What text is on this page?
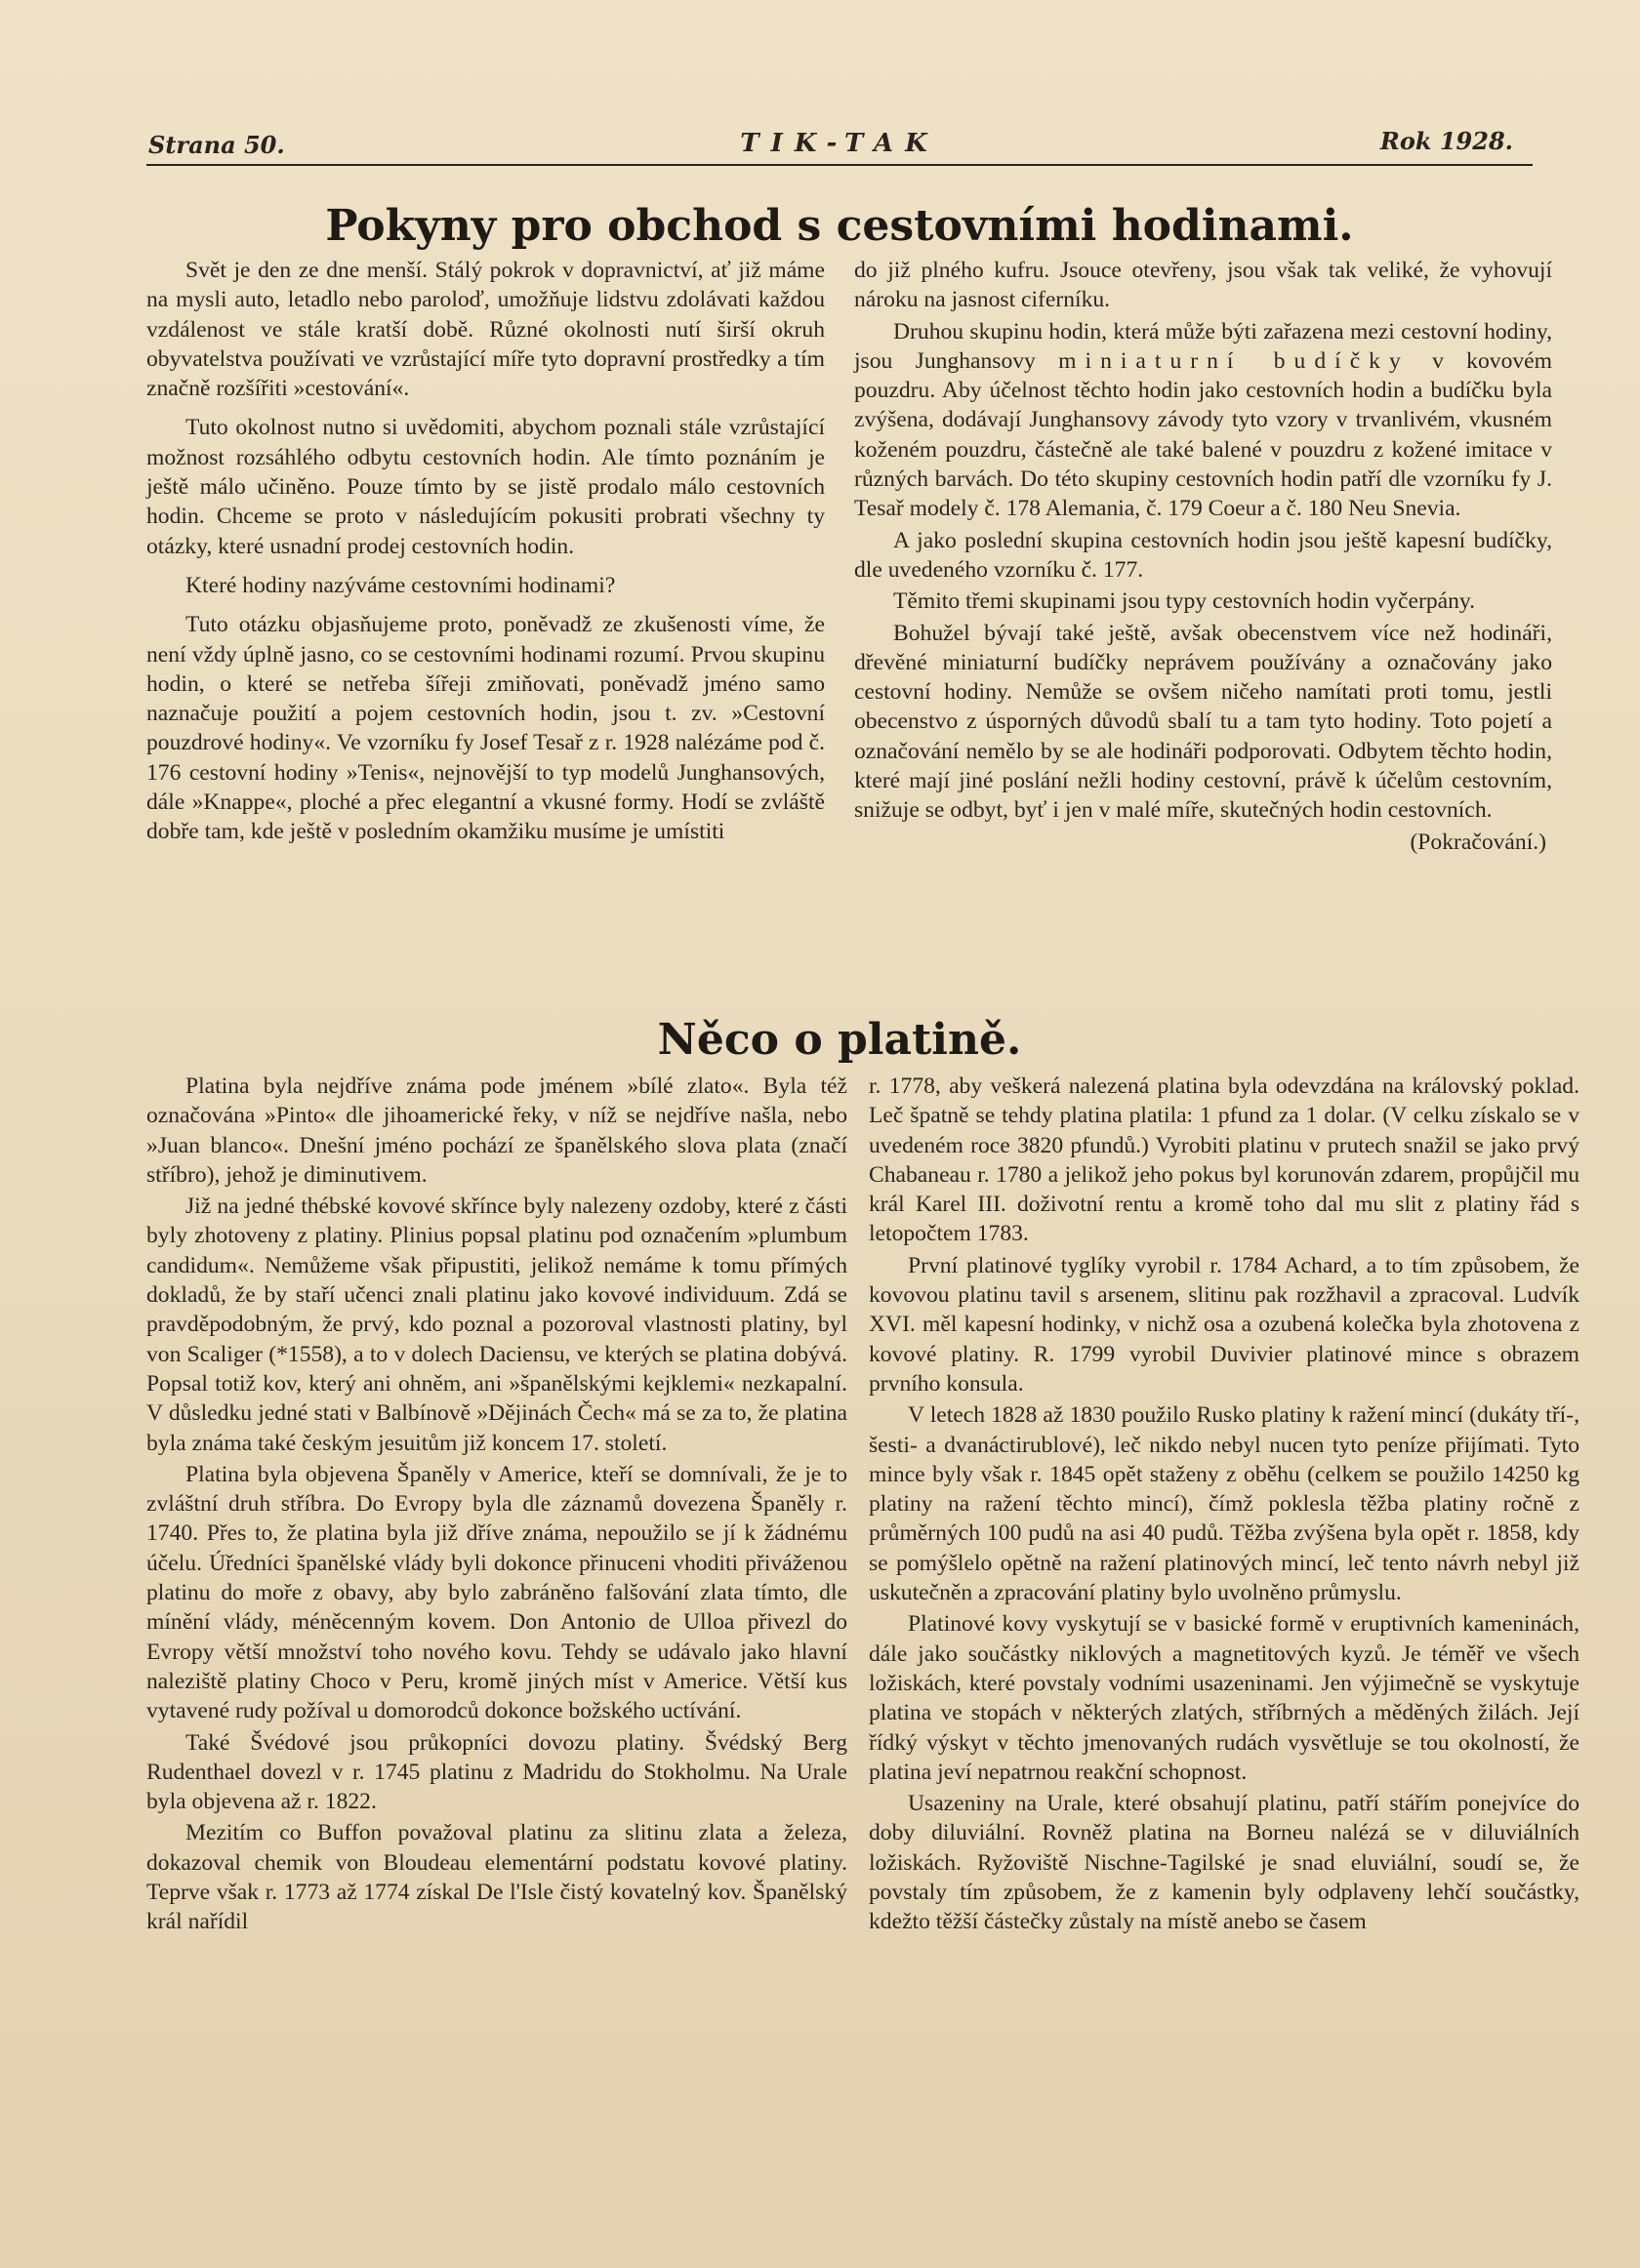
Strana 50.	TIK-TAK	Rok 1928.
Pokyny pro obchod s cestovními hodinami.

Svět je den ze dne menší. Stálý pokrok v dopravnictví, ať již máme na mysli auto, letadlo nebo paroloď, umožňuje lidstvu zdolávati každou vzdálenost ve stále kratší době. Různé okolnosti nutí širší okruh obyvatelstva používati ve vzrůstající míře tyto dopravní prostředky a tím značně rozšířiti »cestování«.

Tuto okolnost nutno si uvědomiti, abychom poznali stále vzrůstající možnost rozsáhlého odbytu cestovních hodin. Ale tímto poznáním je ještě málo učiněno. Pouze tímto by se jistě prodalo málo cestovních hodin. Chceme se proto v následujícím pokusiti probrati všechny ty otázky, které usnadní prodej cestovních hodin.

Které hodiny nazýváme cestovními hodinami?

Tuto otázku objasňujeme proto, poněvadž ze zkušenosti víme, že není vždy úplně jasno, co se cestovními hodinami rozumí. Prvou skupinu hodin, o které se netřeba šířeji zmiňovati, poněvadž jméno samo naznačuje použití a pojem cestovních hodin, jsou t. zv. »Cestovní pouzdrové hodiny«. Ve vzorníku fy Josef Tesař z r. 1928 nalézáme pod č. 176 cestovní hodiny »Tenis«, nejnovější to typ modelů Junghansových, dále »Knappe«, ploché a přec elegantní a vkusné formy. Hodí se zvláště dobře tam, kde ještě v posledním okamžiku musíme je umístiti

do již plného kufru. Jsouce otevřeny, jsou však tak veliké, že vyhovují nároku na jasnost ciferníku.

Druhou skupinu hodin, která může býti zařazena mezi cestovní hodiny, jsou Junghansovy miniaturní budíčky v kovovém pouzdru. Aby účelnost těchto hodin jako cestovních hodin a budíčku byla zvýšena, dodávají Junghansovy závody tyto vzory v trvanlivém, vkusném koženém pouzdru, částečně ale také balené v pouzdru z kožené imitace v různých barvách. Do této skupiny cestovních hodin patří dle vzorníku fy J. Tesař modely č. 178 Alemania, č. 179 Coeur a č. 180 Neu Snevia.

A jako poslední skupina cestovních hodin jsou ještě kapesní budíčky, dle uvedeného vzorníku č. 177.

Těmito třemi skupinami jsou typy cestovních hodin vyčerpány.

Bohužel bývají také ještě, avšak obecenstvem více než hodináři, dřevěné miniaturní budíčky neprávem používány a označovány jako cestovní hodiny. Nemůže se ovšem ničeho namítati proti tomu, jestli obecenstvo z úsporných důvodů sbalí tu a tam tyto hodiny. Toto pojetí a označování nemělo by se ale hodináři podporovati. Odbytem těchto hodin, které mají jiné poslání nežli hodiny cestovní, právě k účelům cestovním, snižuje se odbyt, byť i jen v malé míře, skutečných hodin cestovních.

(Pokračování.)
Něco o platině.

Platina byla nejdříve známa pode jménem »bílé zlato«. Byla též označována »Pinto« dle jihoamerické řeky, v níž se nejdříve našla, nebo »Juan blanco«. Dnešní jméno pochází ze španělského slova plata (značí stříbro), jehož je diminutivem.

Již na jedné thébské kovové skřínce byly nalezeny ozdoby, které z části byly zhotoveny z platiny. Plinius popsal platinu pod označením »plumbum candidum«. Nemůžeme však připustiti, jelikož nemáme k tomu přímých dokladů, že by staří učenci znali platinu jako kovové individuum. Zdá se pravděpodobným, že prvý, kdo poznal a pozoroval vlastnosti platiny, byl von Scaliger (*1558), a to v dolech Daciensu, ve kterých se platina dobývá. Popsal totiž kov, který ani ohněm, ani »španělskými kejklemi« nezkapalní. V důsledku jedné stati v Balbínově »Dějinách Čech« má se za to, že platina byla známa také českým jesuitům již koncem 17. století.

Platina byla objevena Španěly v Americe, kteří se domnívali, že je to zvláštní druh stříbra. Do Evropy byla dle záznamů dovezena Španěly r. 1740. Přes to, že platina byla již dříve známa, nepoužilo se jí k žádnému účelu. Úředníci španělské vlády byli dokonce přinuceni vhoditi přiváženou platinu do moře z obavy, aby bylo zabráněno falšování zlata tímto, dle mínění vlády, méněcenným kovem. Don Antonio de Ulloa přivezl do Evropy větší množství toho nového kovu. Tehdy se udávalo jako hlavní naleziště platiny Choco v Peru, kromě jiných míst v Americe. Větší kus vytavené rudy požíval u domorodců dokonce božského uctívání.

Také Švédové jsou průkopníci dovozu platiny. Švédský Berg Rudenthael dovezl v r. 1745 platinu z Madridu do Stokholmu. Na Urale byla objevena až r. 1822.

Mezitím co Buffon považoval platinu za slitinu zlata a železa, dokazoval chemik von Bloudeau elementární podstatu kovové platiny. Teprve však r. 1773 až 1774 získal De l'Isle čistý kovatelný kov. Španělský král nařídil

r. 1778, aby veškerá nalezená platina byla odevzdána na královský poklad. Leč špatně se tehdy platina platila: 1 pfund za 1 dolar. (V celku získalo se v uvedeném roce 3820 pfundů.) Vyrobiti platinu v prutech snažil se jako prvý Chabaneau r. 1780 a jelikož jeho pokus byl korunován zdarem, propůjčil mu král Karel III. doživotní rentu a kromě toho dal mu slit z platiny řád s letopočtem 1783.

První platinové tyglíky vyrobil r. 1784 Achard, a to tím způsobem, že kovovou platinu tavil s arsenem, slitinu pak rozžhavil a zpracoval. Ludvík XVI. měl kapesní hodinky, v nichž osa a ozubená kolečka byla zhotovena z kovové platiny. R. 1799 vyrobil Duvivier platinové mince s obrazem prvního konsula.

V letech 1828 až 1830 použilo Rusko platiny k ražení mincí (dukáty tří-, šesti- a dvanáctirublové), leč nikdo nebyl nucen tyto peníze přijímati. Tyto mince byly však r. 1845 opět staženy z oběhu (celkem se použilo 14250 kg platiny na ražení těchto mincí), čímž poklesla těžba platiny ročně z průměrných 100 pudů na asi 40 pudů. Těžba zvýšena byla opět r. 1858, kdy se pomýšlelo opětně na ražení platinových mincí, leč tento návrh nebyl již uskutečněn a zpracování platiny bylo uvolněno průmyslu.

Platinové kovy vyskytují se v basické formě v eruptivních kameninách, dále jako součástky niklových a magnetitových kyzů. Je téměř ve všech ložiskách, které povstaly vodními usazeninami. Jen výjimečně se vyskytuje platina ve stopách v některých zlatých, stříbrných a měděných žilách. Její řídký výskyt v těchto jmenovaných rudách vysvětluje se tou okolností, že platina jeví nepatrnou reakční schopnost.

Usazeniny na Urale, které obsahují platinu, patří stářím ponejvíce do doby diluviální. Rovněž platina na Borneu nalézá se v diluviálních ložiskách. Ryžoviště Nischne-Tagilské je snad eluviální, soudí se, že povstaly tím způsobem, že z kamenin byly odplaveny lehčí součástky, kdežto těžší částečky zůstaly na místě anebo se časem
